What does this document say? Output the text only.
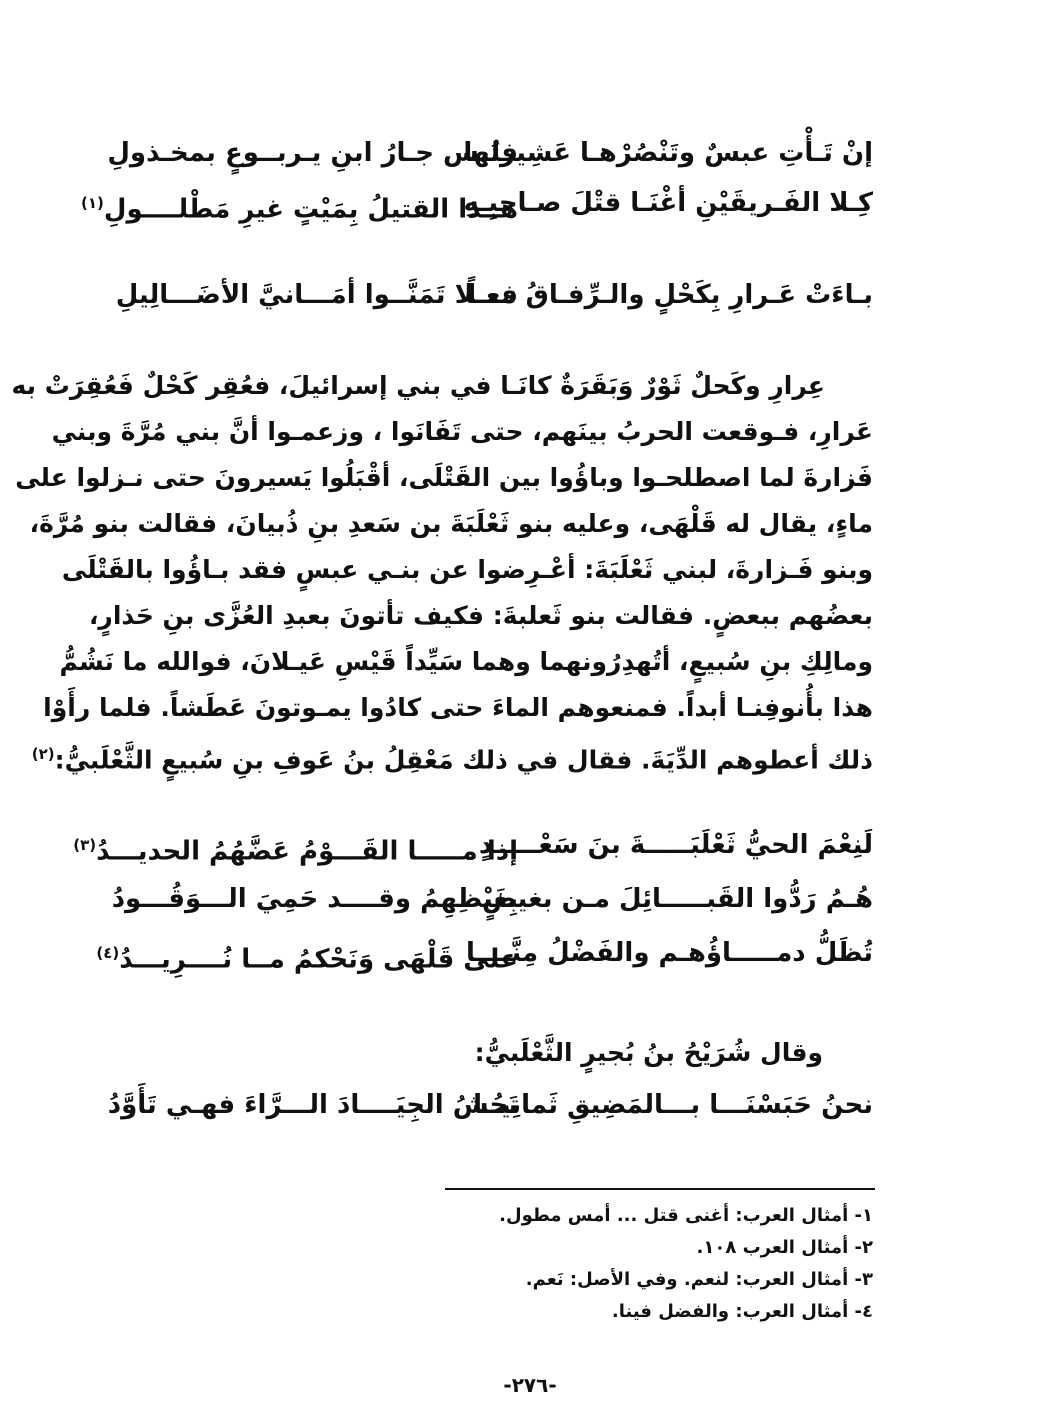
إنْ تَـأْتِ عبسٌ وتَنْصُرْهـا عَشِيرتُها
فليس جـارُ ابنِ يـربــوعٍ بمخـذولِ
كِـلا الفَـريقَيْنِ أغْنَـا قتْلَ صـاحِبِـهِ
هــذا القتيلُ بِمَيْتٍ غيرِ مَطْلــــولِ$^{(١)}$
بـاءَتْ عَـرارِ بِكَحْلٍ والـرِّفـاقُ معـاً
فـــلا تَمَنَّــوا أمَـــانيَّ الأضَـــالِيلِ
عِرارِ وكَحلٌ ثَوْرٌ وَبَقَرَةٌ كانَـا في بني إسرائيلَ، فعُقِر كَحْلٌ فَعُقِرَتْ به
عَرارِ، فـوقعت الحربُ بينَهم، حتى تَفَانَوا ، وزعمـوا أنَّ بني مُرَّةَ وبني
فَزارةَ لما اصطلحـوا وباؤُوا بين القَتْلَى، أقْبَلُوا يَسيرونَ حتى نـزلوا على
ماءٍ، يقال له قَلْهَى، وعليه بنو ثَعْلَبَةَ بن سَعدِ بنِ ذُبيانَ، فقالت بنو مُرَّةَ،
وبنو فَـزارةَ، لبني ثَعْلَبَةَ: أعْـرِضوا عن بنـي عبسٍ فقد بـاؤُوا بالقَتْلَى
بعضُهم ببعضٍ. فقالت بنو ثَعلبةَ: فكيف تأتونَ بعبدِ العُزَّى بنِ حَذارٍ،
ومالِكِ بنِ سُبيعٍ، أتُهدِرُونهما وهما سَيِّداً قَيْسِ عَيـلانَ، فوالله ما نَشُمُّ
هذا بأُنوفِنـا أبداً. فمنعوهم الماءَ حتى كادُوا يمـوتونَ عَطَشاً. فلما رأَوْا
ذلك أعطوهم الدِّيَةَ. فقال في ذلك مَعْقِلُ بنُ عَوفِ بنِ سُبيعٍ الثَّعْلَبيُّ:$^{(٢)}$
لَنِعْمَ الحيُّ ثَعْلَبَـــــةَ بنَ سَعْـــــدٍ
إذا مـــــا القَـــوْمُ عَضَّهُمُ الحديـــدُ$^{(٣)}$
هُـمُ رَدُّوا القَبـــــائِلَ مـن بغيضٍ
بِغَيْظِهِمُ وقــــد حَمِيَ الـــوَقُـــودُ
تُظَلُّ دمـــــاؤُهـم والفَضْلُ مِنَّــــا
على قَلْهَى وَنَحْكمُ مــا نُــــرِيـــدُ$^{(٤)}$
وقال شُرَيْحُ بنُ بُجيرٍ الثَّعْلَبيُّ:
نحنُ حَبَسْنَـــا بـــالمَضِيقِ ثَمانِيــا
نَحُشُ الجِيَــــادَ الـــرَّاءَ فهـي تَأَوَّدُ
١- أمثال العرب: أغنى قتل ... أمس مطول.
٢- أمثال العرب ١٠٨.
٣- أمثال العرب: لنعم. وفي الأصل: نَعم.
٤- أمثال العرب: والفضل فينا.
-٢٧٦-
